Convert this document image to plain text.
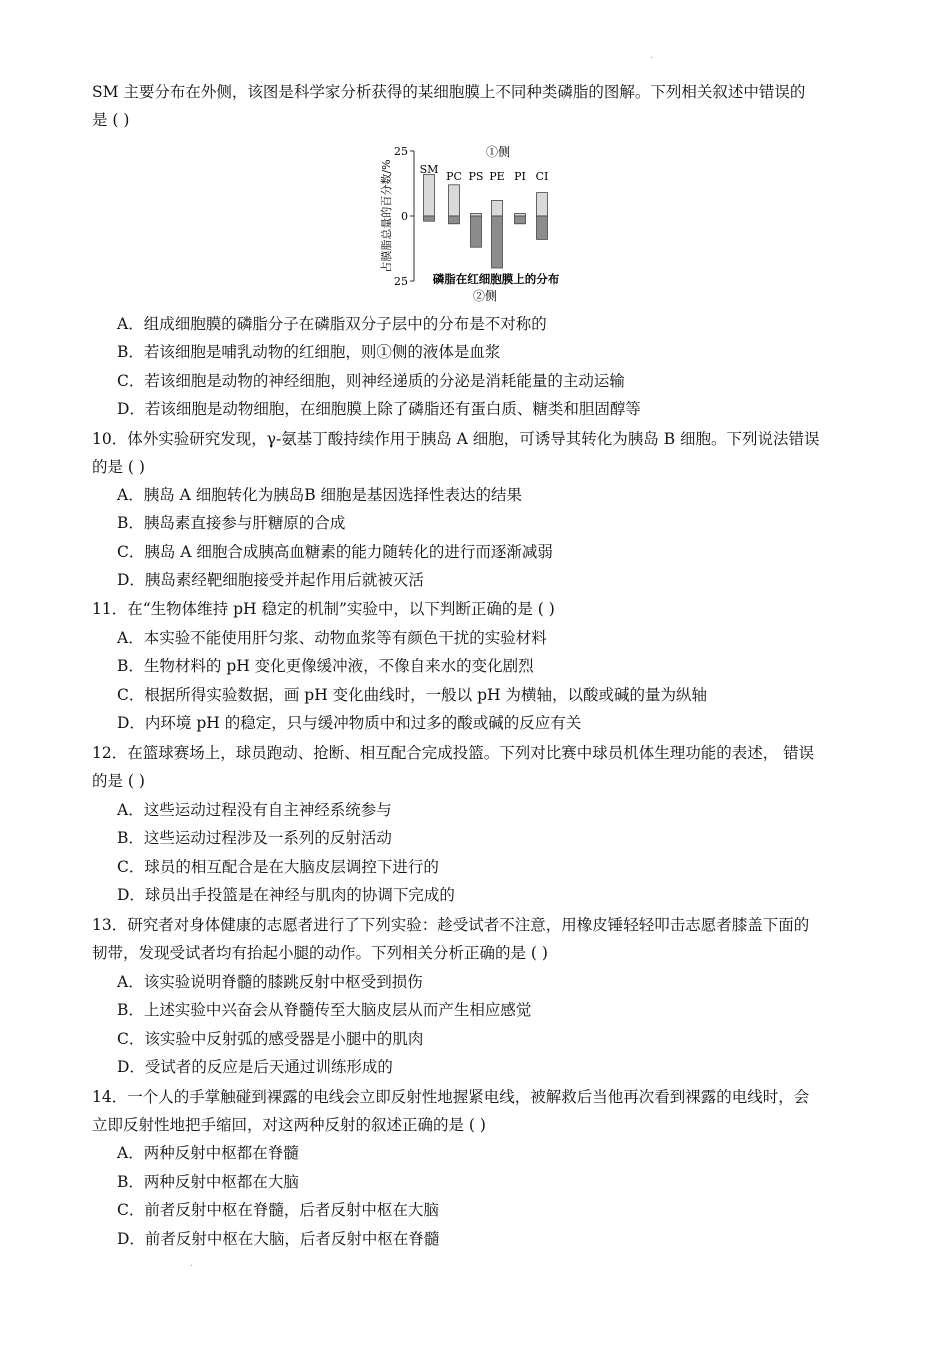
.
SM 主要分布在外侧，该图是科学家分析获得的某细胞膜上不同种类磷脂的图解。下列相关叙述中错误的
是 ( )
占膜脂总量的百分数/%
25
0
25
SM
PC PS PE PI CI
①侧
磷脂在红细胞膜上的分布
②侧
A．组成细胞膜的磷脂分子在磷脂双分子层中的分布是不对称的
B．若该细胞是哺乳动物的红细胞，则①侧的液体是血浆
C．若该细胞是动物的神经细胞，则神经递质的分泌是消耗能量的主动运输
D．若该细胞是动物细胞，在细胞膜上除了磷脂还有蛋白质、糖类和胆固醇等
10．体外实验研究发现，γ-氨基丁酸持续作用于胰岛 A 细胞，可诱导其转化为胰岛 B 细胞。下列说法错误
的是 ( )
A．胰岛 A 细胞转化为胰岛B 细胞是基因选择性表达的结果
B．胰岛素直接参与肝糖原的合成
C．胰岛 A 细胞合成胰高血糖素的能力随转化的进行而逐渐减弱
D．胰岛素经靶细胞接受并起作用后就被灭活
11．在“生物体维持 pH 稳定的机制”实验中，以下判断正确的是 ( )
A．本实验不能使用肝匀浆、动物血浆等有颜色干扰的实验材料
B．生物材料的 pH 变化更像缓冲液，不像自来水的变化剧烈
C．根据所得实验数据，画 pH 变化曲线时，一般以 pH 为横轴，以酸或碱的量为纵轴
D．内环境 pH 的稳定，只与缓冲物质中和过多的酸或碱的反应有关
12．在篮球赛场上，球员跑动、抢断、相互配合完成投篮。下列对比赛中球员机体生理功能的表述， 错误
的是 ( )
A．这些运动过程没有自主神经系统参与
B．这些运动过程涉及一系列的反射活动
C．球员的相互配合是在大脑皮层调控下进行的
D．球员出手投篮是在神经与肌肉的协调下完成的
13．研究者对身体健康的志愿者进行了下列实验：趁受试者不注意，用橡皮锤轻轻叩击志愿者膝盖下面的
韧带，发现受试者均有抬起小腿的动作。下列相关分析正确的是 ( )
A．该实验说明脊髓的膝跳反射中枢受到损伤
B．上述实验中兴奋会从脊髓传至大脑皮层从而产生相应感觉
C．该实验中反射弧的感受器是小腿中的肌肉
D．受试者的反应是后天通过训练形成的
14．一个人的手掌触碰到裸露的电线会立即反射性地握紧电线，被解救后当他再次看到裸露的电线时，会
立即反射性地把手缩回，对这两种反射的叙述正确的是 ( )
A．两种反射中枢都在脊髓
B．两种反射中枢都在大脑
C．前者反射中枢在脊髓，后者反射中枢在大脑
D．前者反射中枢在大脑，后者反射中枢在脊髓
.
